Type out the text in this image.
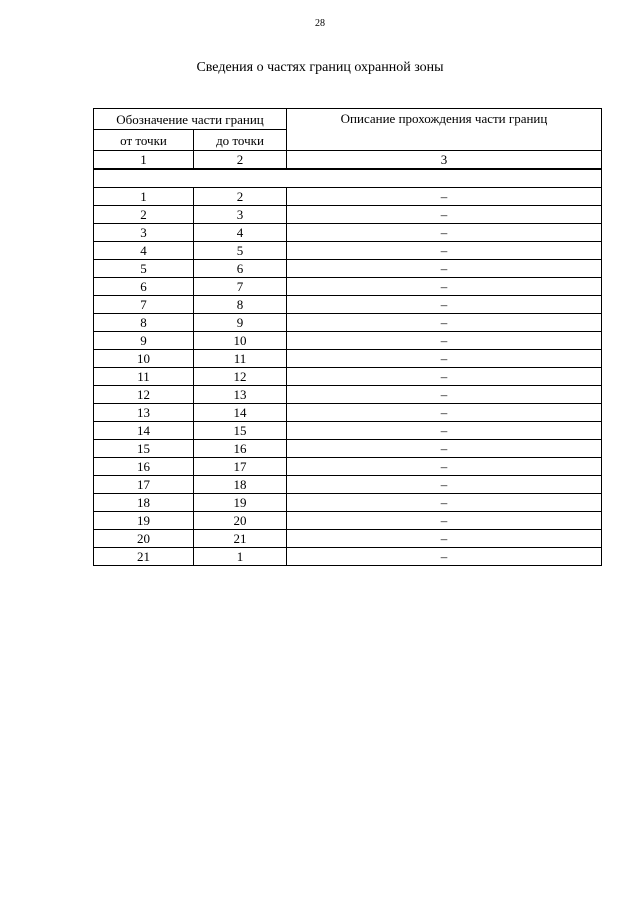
28
Сведения о частях границ охранной зоны
Обозначение части границ		Описание прохождения части границ
от точки	до точки	
1	2	3

1	2	–
2	3	–
3	4	–
4	5	–
5	6	–
6	7	–
7	8	–
8	9	–
9	10	–
10	11	–
11	12	–
12	13	–
13	14	–
14	15	–
15	16	–
16	17	–
17	18	–
18	19	–
19	20	–
20	21	–
21	1	–
